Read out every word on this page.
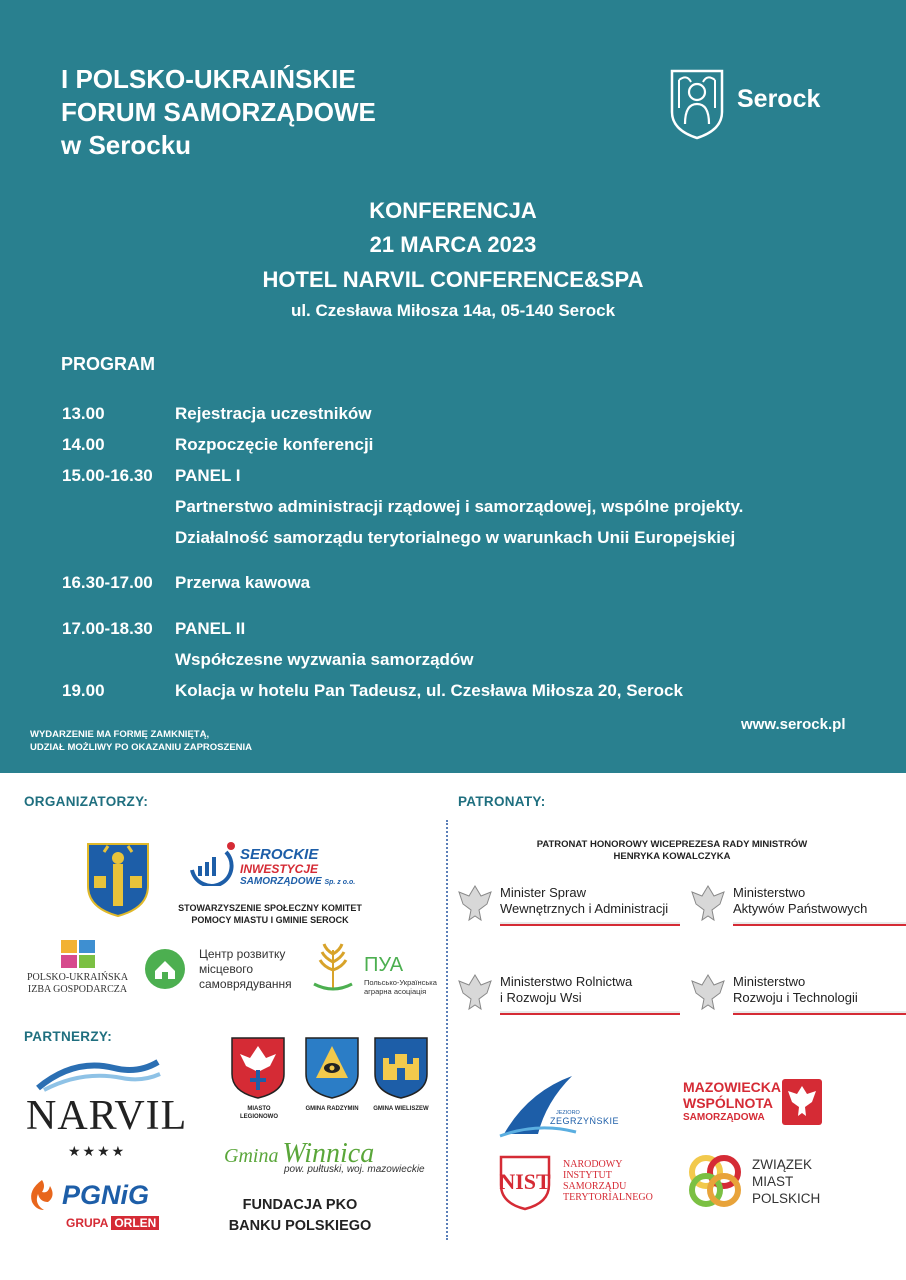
I POLSKO-UKRAIŃSKIE
FORUM SAMORZĄDOWE
w Serocku
Serock
KONFERENCJA
21 MARCA 2023
HOTEL NARVIL CONFERENCE&SPA
ul. Czesława Miłosza 14a, 05-140 Serock
PROGRAM
13.00	Rejestracja uczestników
14.00	Rozpoczęcie konferencji
15.00-16.30 PANEL I
Partnerstwo administracji rządowej i samorządowej, wspólne projekty.
Działalność samorządu terytorialnego w warunkach Unii Europejskiej
16.30-17.00 Przerwa kawowa
17.00-18.30 PANEL II
Współczesne wyzwania samorządów
19.00	Kolacja w hotelu Pan Tadeusz, ul. Czesława Miłosza 20, Serock
WYDARZENIE MA FORMĘ ZAMKNIĘTĄ,
UDZIAŁ MOŻLIWY PO OKAZANIU ZAPROSZENIA
www.serock.pl
ORGANIZATORZY:	PATRONATY:
SEROCKIE
INWESTYCJE
SAMORZĄDOWE Sp. z o.o.
STOWARZYSZENIE SPOŁECZNY KOMITET
POMOCY MIASTU I GMINIE SEROCK
POLSKO-UKRAIŃSKA
IZBA GOSPODARCZA
Центр розвитку
місцевого
самоврядування
ПУА
Польсько-Українська
аграрна асоціація
PARTNERZY:
NARVIL
★★★★
PGNiG
GRUPA ORLEN
MIASTO LEGIONOWO
GMINA RADZYMIN	GMINA WIELISZEW
Gmina Winnica
pow. pułtuski, woj. mazowieckie
FUNDACJA PKO
BANKU POLSKIEGO
PATRONAT HONOROWY WICEPREZESA RADY MINISTRÓW
HENRYKA KOWALCZYKA
Minister Spraw
Wewnętrznych i Administracji
Ministerstwo
Aktywów Państwowych
Ministerstwo Rolnictwa
i Rozwoju Wsi
Ministerstwo
Rozwoju i Technologii
JEZIORO
ZEGRZYŃSKIE
MAZOWIECKA
WSPÓLNOTA
SAMORZĄDOWA
NIST
NARODOWY
INSTYTUT
SAMORZĄDU
TERYTORIALNEGO
ZWIĄZEK
MIAST
POLSKICH
